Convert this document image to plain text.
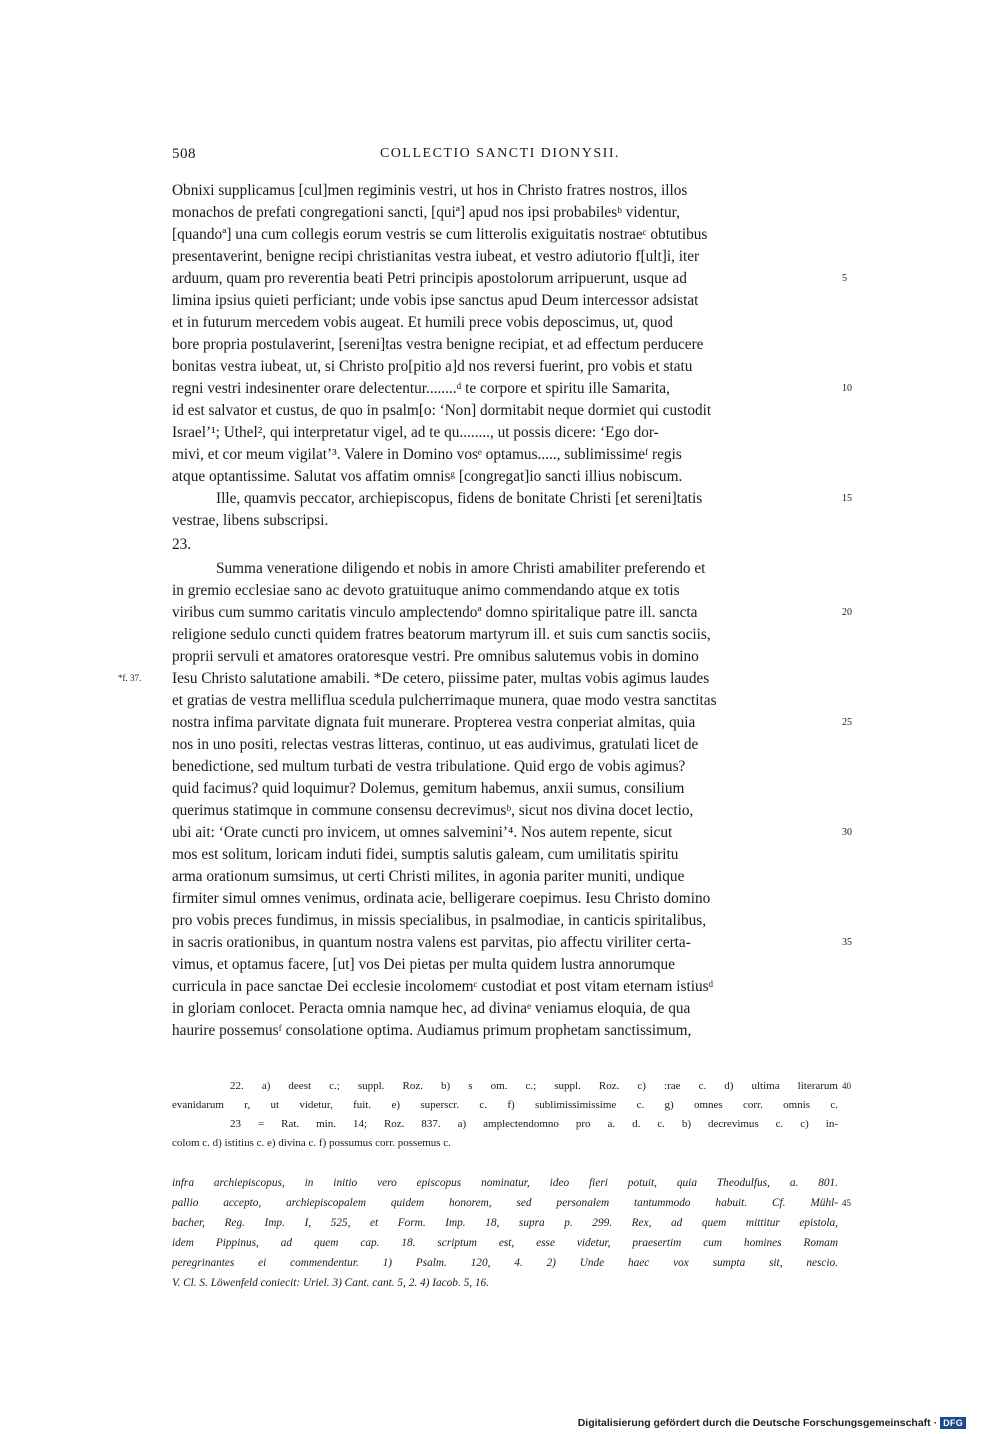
508	COLLECTIO SANCTI DIONYSII.
Obnixi supplicamus [cul]men regiminis vestri, ut hos in Christo fratres nostros, illos
monachos de prefati congregationi sancti, [quiª] apud nos ipsi probabilesᵇ videntur,
[quandoª] una cum collegis eorum vestris se cum litterolis exiguitatis nostraeᶜ obtutibus
presentaverint, benigne recipi christianitas vestra iubeat, et vestro adiutorio f[ult]i, iter
arduum, quam pro reverentia beati Petri principis apostolorum arripuerunt, usque ad
limina ipsius quieti perficiant; unde vobis ipse sanctus apud Deum intercessor adsistat
et in futurum mercedem vobis augeat. Et humili prece vobis deposcimus, ut, quod
bore propria postulaverint, [sereni]tas vestra benigne recipiat, et ad effectum perducere
bonitas vestra iubeat, ut, si Christo pro[pitio a]d nos reversi fuerint, pro vobis et statu
regni vestri indesinenter orare delectentur........ᵈ te corpore et spiritu ille Samarita,
id est salvator et custus, de quo in psalm[o: ‘Non] dormitabit neque dormiet qui custodit
Israel’¹; Uthel², qui interpretatur vigel, ad te qu........, ut possis dicere: ‘Ego dor-
mivi, et cor meum vigilat’³. Valere in Domino vosᵉ optamus....., sublimissimeᶠ regis
atque optantissime. Salutat vos affatim omnisᵍ [congregat]io sancti illius nobiscum.
Ille, quamvis peccator, archiepiscopus, fidens de bonitate Christi [et sereni]tatis
vestrae, libens subscripsi.
23.
Summa veneratione diligendo et nobis in amore Christi amabiliter preferendo et
in gremio ecclesiae sano ac devoto gratuituque animo commendando atque ex totis
viribus cum summo caritatis vinculo amplectendoª domno spiritalique patre ill. sancta
religione sedulo cuncti quidem fratres beatorum martyrum ill. et suis cum sanctis sociis,
proprii servuli et amatores oratoresque vestri. Pre omnibus salutemus vobis in domino
Iesu Christo salutatione amabili. *De cetero, piissime pater, multas vobis agimus laudes
et gratias de vestra melliflua scedula pulcherrimaque munera, quae modo vestra sanctitas
nostra infima parvitate dignata fuit munerare. Propterea vestra conperiat almitas, quia
nos in uno positi, relectas vestras litteras, continuo, ut eas audivimus, gratulati licet de
benedictione, sed multum turbati de vestra tribulatione. Quid ergo de vobis agimus?
quid facimus? quid loquimur? Dolemus, gemitum habemus, anxii sumus, consilium
querimus statimque in commune consensu decrevimusᵇ, sicut nos divina docet lectio,
ubi ait: ‘Orate cuncti pro invicem, ut omnes salvemini’⁴. Nos autem repente, sicut
mos est solitum, loricam induti fidei, sumptis salutis galeam, cum umilitatis spiritu
arma orationum sumsimus, ut certi Christi milites, in agonia pariter muniti, undique
firmiter simul omnes venimus, ordinata acie, belligerare coepimus. Iesu Christo domino
pro vobis preces fundimus, in missis specialibus, in psalmodiae, in canticis spiritalibus,
in sacris orationibus, in quantum nostra valens est parvitas, pio affectu viriliter certa-
vimus, et optamus facere, [ut] vos Dei pietas per multa quidem lustra annorumque
curricula in pace sanctae Dei ecclesie incolomemᶜ custodiat et post vitam eternam istiusᵈ
in gloriam conlocet. Peracta omnia namque hec, ad divinaᵉ veniamus eloquia, de qua
haurire possemusᶠ consolatione optima. Audiamus primum prophetam sanctissimum,
5
10
15
20
25
30
35
*f. 37.
22. a) deest c.; suppl. Roz. b) s om. c.; suppl. Roz. c) :rae c. d) ultima literarum
evanidarum r, ut videtur, fuit. e) superscr. c. f) sublimissimissime c. g) omnes corr. omnis c.
23 = Rat. min. 14; Roz. 837. a) amplectendomno pro a. d. c. b) decrevimus c. c) in-
colom c. d) istitius c. e) divina c. f) possumus corr. possemus c.
40
infra archiepiscopus, in initio vero episcopus nominatur, ideo fieri potuit, quia Theodulfus, a. 801.
pallio accepto, archiepiscopalem quidem honorem, sed personalem tantummodo habuit. Cf. Mühl-
bacher, Reg. Imp. I, 525, et Form. Imp. 18, supra p. 299. Rex, ad quem mittitur epistola,
idem Pippinus, ad quem cap. 18. scriptum est, esse videtur, praesertim cum homines Romam
peregrinantes ei commendentur. 1) Psalm. 120, 4. 2) Unde haec vox sumpta sit, nescio.
V. Cl. S. Löwenfeld coniecit: Uriel. 3) Cant. cant. 5, 2. 4) Iacob. 5, 16.
45
Digitalisierung gefördert durch die Deutsche Forschungsgemeinschaft · DFG
